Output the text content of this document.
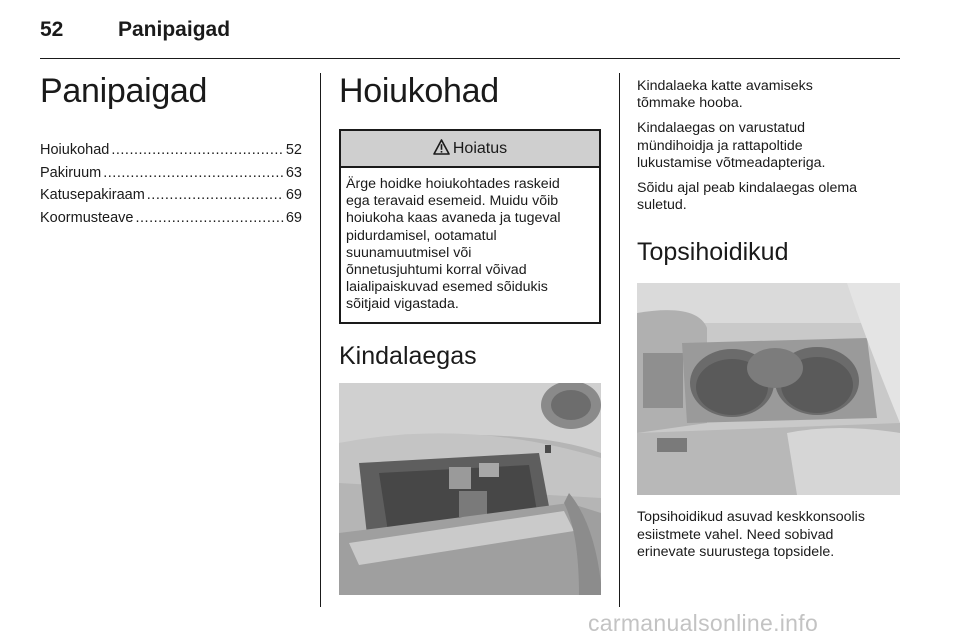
52	Panipaigad
Panipaigad
Hoiukohad .....	52
Pakiruum .....	63
Katusepakiraam .....	69
Koormusteave .....	69
Hoiukohad
Hoiatus
Ärge hoidke hoiukohtades raskeid
ega teravaid esemeid. Muidu võib
hoiukoha kaas avaneda ja tugeval
pidurdamisel, ootamatul
suunamuutmisel või
õnnetusjuhtumi korral võivad
laialipaiskuvad esemed sõidukis
sõitjaid vigastada.
Kindalaegas

Kindalaeka katte avamiseks
tõmmake hooba.

Kindalaegas on varustatud
mündihoidja ja rattapoltide
lukustamise võtmeadapteriga.

Sõidu ajal peab kindalaegas olema
suletud.

Topsihoidikud

Topsihoidikud asuvad keskkonsoolis
esiistmete vahel. Need sobivad
erinevate suurustega topsidele.

carmanualsonline.info
